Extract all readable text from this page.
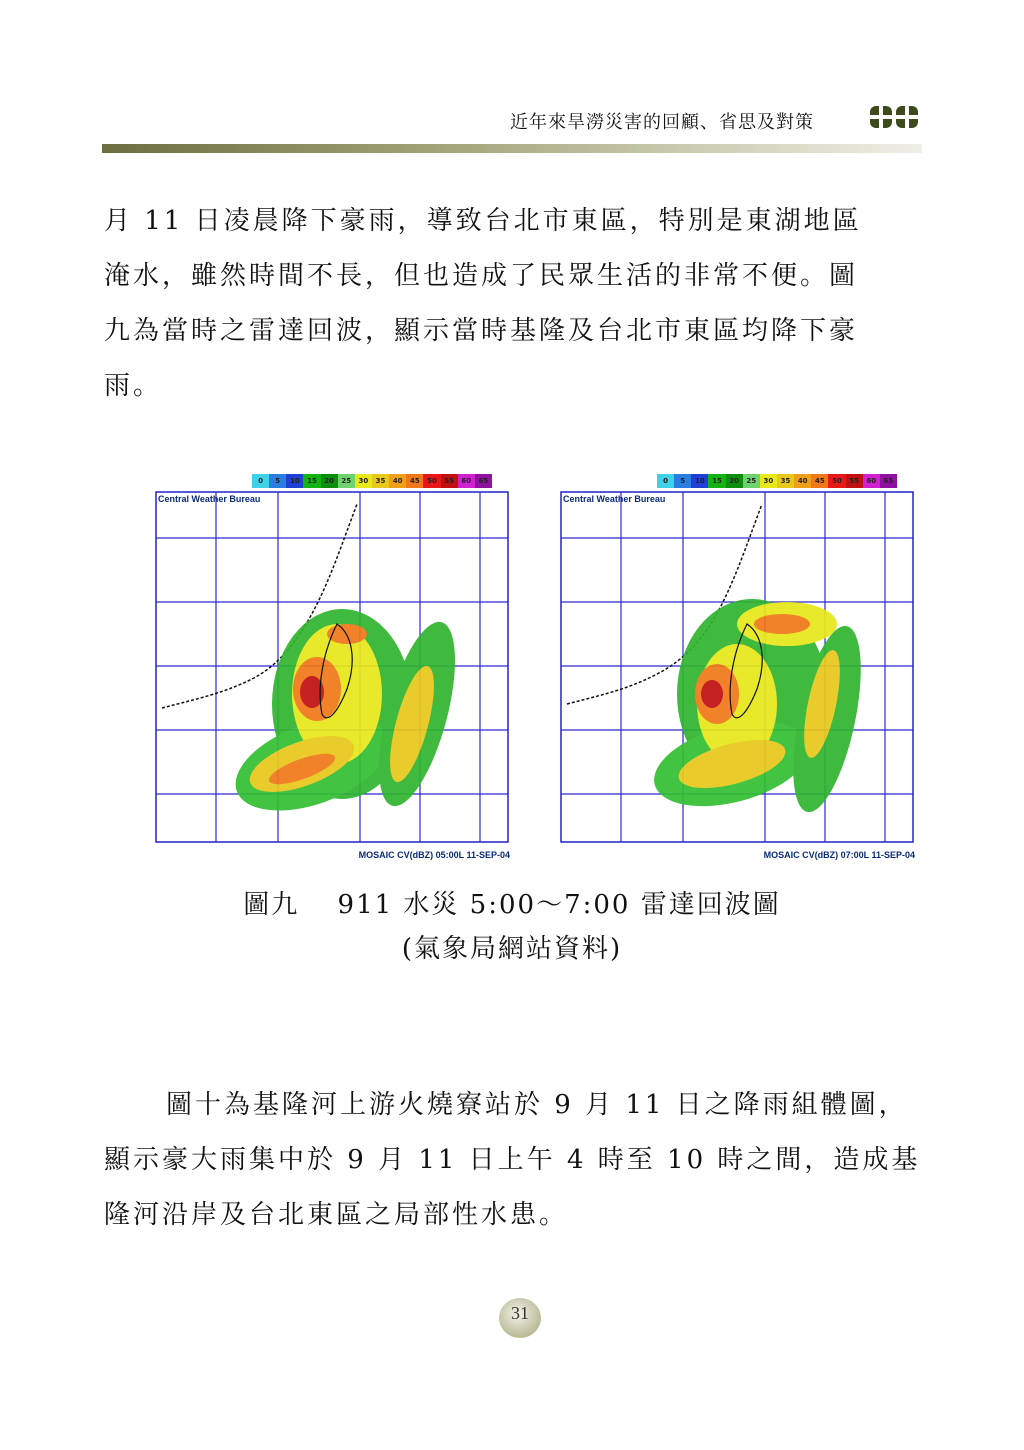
近年來旱澇災害的回顧、省思及對策
月 11 日凌晨降下豪雨，導致台北市東區，特別是東湖地區
淹水，雖然時間不長，但也造成了民眾生活的非常不便。圖
九為當時之雷達回波，顯示當時基隆及台北市東區均降下豪
雨。
0	5	10	15	20	25	30	35	40	45	50	55	60	65
Central Weather Bureau
MOSAIC CV(dBZ) 05:00L 11-SEP-04
0	5	10	15	20	25	30	35	40	45	50	55	60	65
Central Weather Bureau
MOSAIC CV(dBZ) 07:00L 11-SEP-04
圖九　 911 水災 5:00～7:00 雷達回波圖
(氣象局網站資料)
圖十為基隆河上游火燒寮站於 9 月 11 日之降雨組體圖，
顯示豪大雨集中於 9 月 11 日上午 4 時至 10 時之間，造成基
隆河沿岸及台北東區之局部性水患。
31
